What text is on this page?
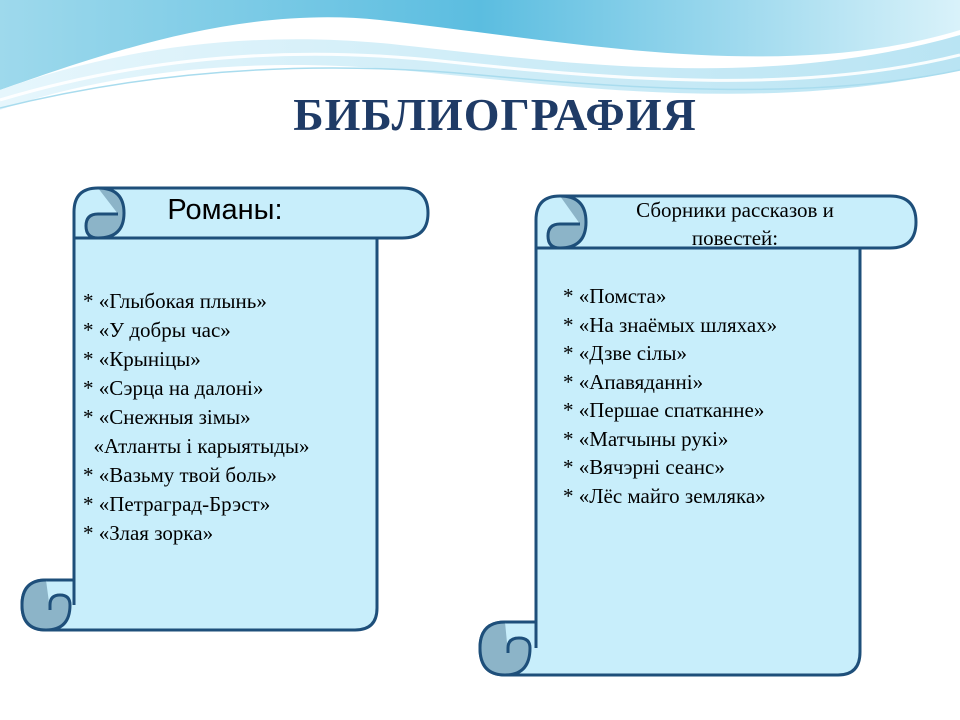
БИБЛИОГРАФИЯ
Романы:
* «Глыбокая плынь»
* «У добры час»
* «Крыніцы»
* «Сэрца на далоні»
* «Снежныя зімы»
«Атланты і карыятыды»
* «Вазьму твой боль»
* «Петраград-Брэст»
* «Злая зорка»
Сборники рассказов и
повестей:
* «Помста»
* «На знаёмых шляхах»
* «Дзве сілы»
* «Апавяданні»
* «Першае спатканне»
* «Матчыны рукі»
* «Вячэрні сеанс»
* «Лёс майго земляка»
